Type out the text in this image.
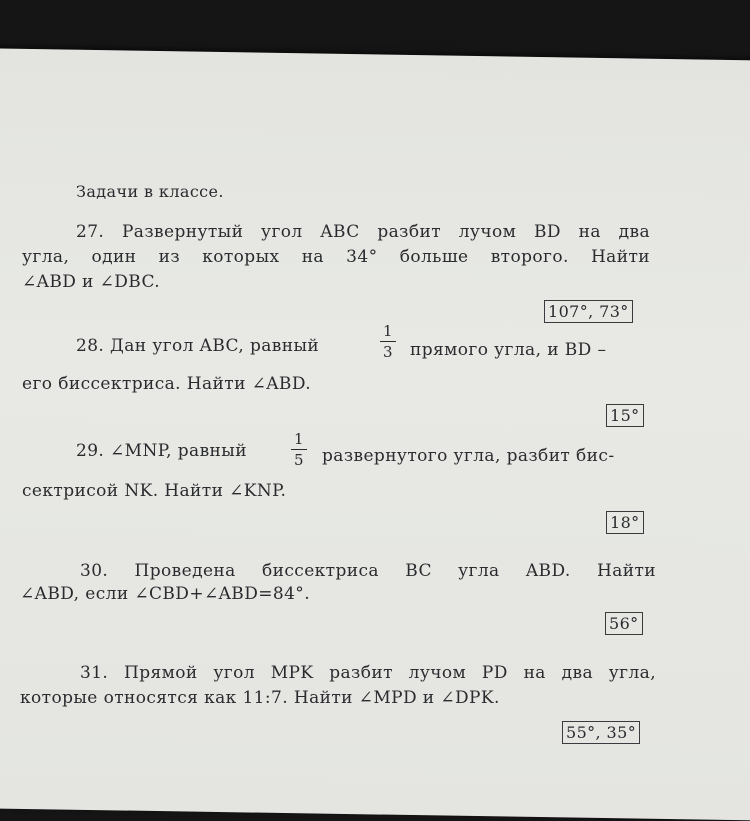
Задачи в классе.
27. Развернутый угол ABC разбит лучом BD на два
угла, один из которых на 34° больше второго. Найти
∠ABD и ∠DBC.
107°, 73°
28. Дан угол ABC, равный
1
3 прямого угла, и BD –
его биссектриса. Найти ∠ABD.
15°
29. ∠MNP, равный
1
5 развернутого угла, разбит бис-
сектрисой NK. Найти ∠KNP.
18°
30. Проведена биссектриса BC угла ABD. Найти
∠ABD, если ∠CBD+∠ABD=84°.
56°
31. Прямой угол MPK разбит лучом PD на два угла,
которые относятся как 11:7. Найти ∠MPD и ∠DPK.
55°, 35°
